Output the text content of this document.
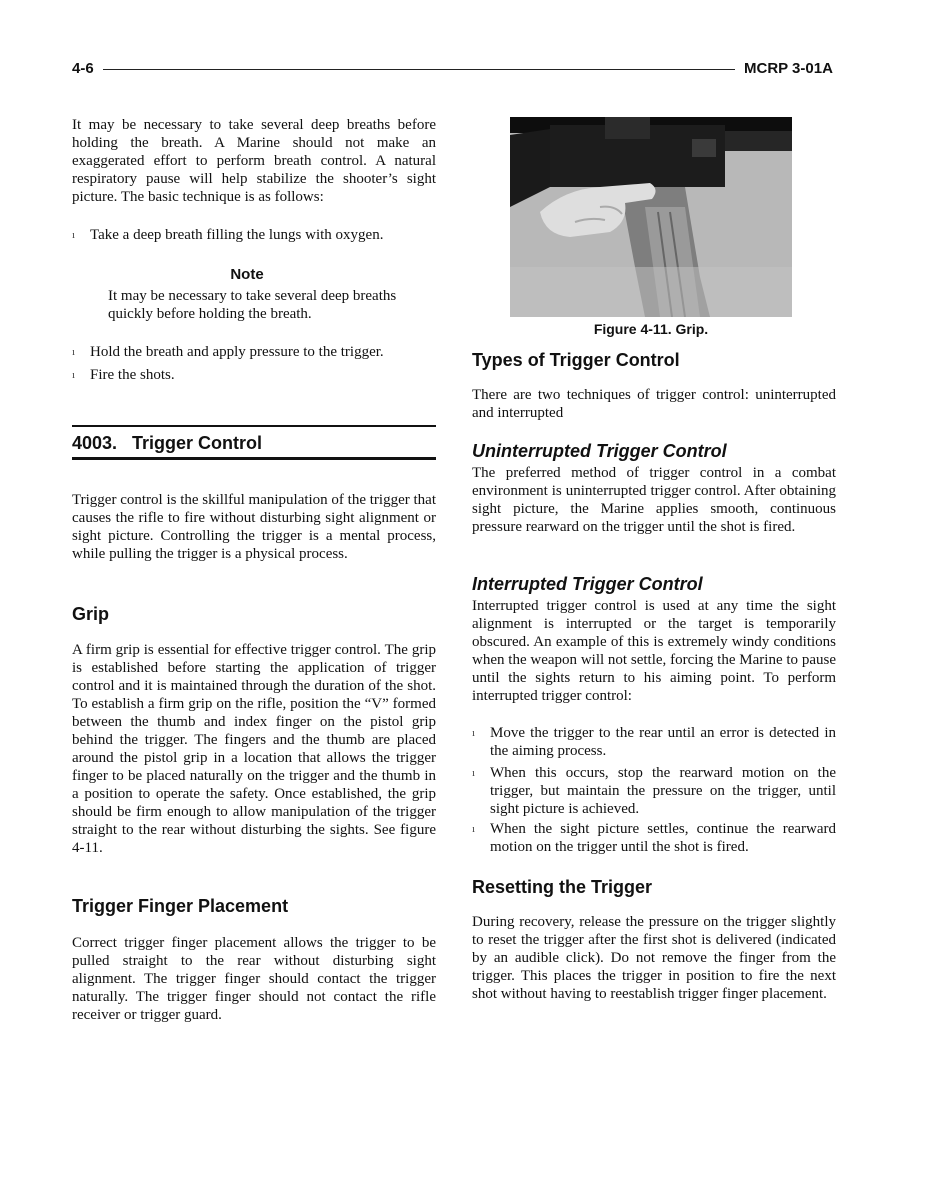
4-6	MCRP 3-01A

It may be necessary to take several deep breaths before holding the breath. A Marine should not make an exaggerated effort to perform breath control. A natural respiratory pause will help stabilize the shooter’s sight picture. The basic technique is as follows:

ı Take a deep breath filling the lungs with oxygen.
Note

It may be necessary to take several deep breaths quickly before holding the breath.

ı Hold the breath and apply pressure to the trigger.
ı Fire the shots.
4003.   Trigger Control

Trigger control is the skillful manipulation of the trigger that causes the rifle to fire without disturbing sight alignment or sight picture. Controlling the trigger is a mental process, while pulling the trigger is a physical process.

Grip

A firm grip is essential for effective trigger control. The grip is established before starting the application of trigger control and it is maintained through the duration of the shot. To establish a firm grip on the rifle, position the “V” formed between the thumb and index finger on the pistol grip behind the trigger. The fingers and the thumb are placed around the pistol grip in a location that allows the trigger finger to be placed naturally on the trigger and the thumb in a position to operate the safety. Once established, the grip should be firm enough to allow manipulation of the trigger straight to the rear without disturbing the sights. See figure 4-11.

Trigger Finger Placement

Correct trigger finger placement allows the trigger to be pulled straight to the rear without disturbing sight alignment. The trigger finger should contact the trigger naturally. The trigger finger should not contact the rifle receiver or trigger guard.

Figure 4-11. Grip.
Types of Trigger Control

There are two techniques of trigger control: uninterrupted and interrupted

Uninterrupted Trigger Control

The preferred method of trigger control in a combat environment is uninterrupted trigger control. After obtaining sight picture, the Marine applies smooth, continuous pressure rearward on the trigger until the shot is fired.

Interrupted Trigger Control

Interrupted trigger control is used at any time the sight alignment is interrupted or the target is temporarily obscured. An example of this is extremely windy conditions when the weapon will not settle, forcing the Marine to pause until the sights return to his aiming point. To perform interrupted trigger control:

ı Move the trigger to the rear until an error is detected in the aiming process.
ı When this occurs, stop the rearward motion on the trigger, but maintain the pressure on the trigger, until sight picture is achieved.
ı When the sight picture settles, continue the rearward motion on the trigger until the shot is fired.
Resetting the Trigger

During recovery, release the pressure on the trigger slightly to reset the trigger after the first shot is delivered (indicated by an audible click). Do not remove the finger from the trigger. This places the trigger in position to fire the next shot without having to reestablish trigger finger placement.
